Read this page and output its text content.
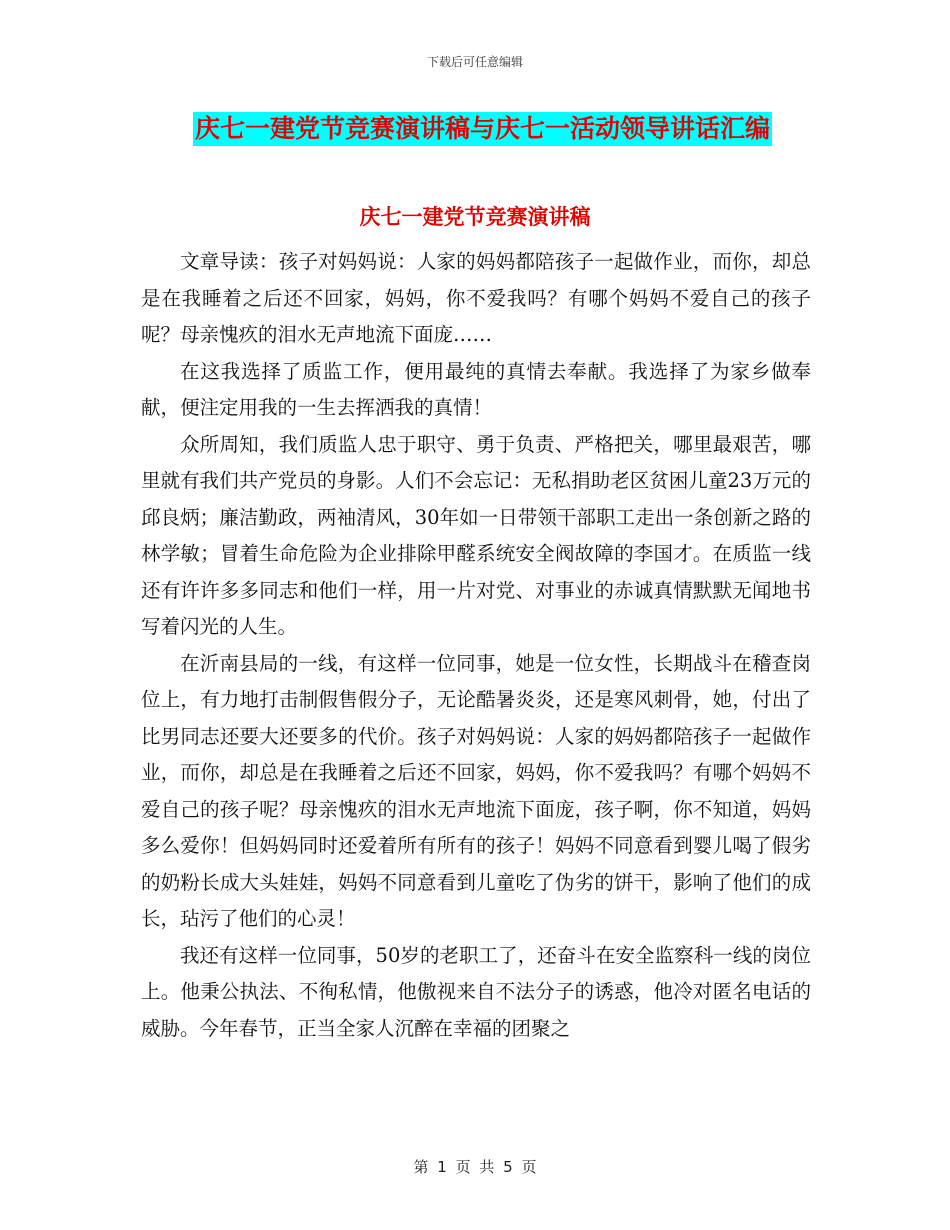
下载后可任意编辑
庆七一建党节竞赛演讲稿与庆七一活动领导讲话汇编
庆七一建党节竞赛演讲稿

文章导读：孩子对妈妈说：人家的妈妈都陪孩子一起做作业，而你，却总是在我睡着之后还不回家，妈妈，你不爱我吗？有哪个妈妈不爱自己的孩子呢？母亲愧疚的泪水无声地流下面庞……

在这我选择了质监工作，便用最纯的真情去奉献。我选择了为家乡做奉献，便注定用我的一生去挥洒我的真情！

众所周知，我们质监人忠于职守、勇于负责、严格把关，哪里最艰苦，哪里就有我们共产党员的身影。人们不会忘记：无私捐助老区贫困儿童23万元的邱良炳；廉洁勤政，两袖清风，30年如一日带领干部职工走出一条创新之路的林学敏；冒着生命危险为企业排除甲醛系统安全阀故障的李国才。在质监一线还有许许多多同志和他们一样，用一片对党、对事业的赤诚真情默默无闻地书写着闪光的人生。

在沂南县局的一线，有这样一位同事，她是一位女性，长期战斗在稽查岗位上，有力地打击制假售假分子，无论酷暑炎炎，还是寒风刺骨，她，付出了比男同志还要大还要多的代价。孩子对妈妈说：人家的妈妈都陪孩子一起做作业，而你，却总是在我睡着之后还不回家，妈妈，你不爱我吗？有哪个妈妈不爱自己的孩子呢？母亲愧疚的泪水无声地流下面庞，孩子啊，你不知道，妈妈多么爱你！但妈妈同时还爱着所有所有的孩子！妈妈不同意看到婴儿喝了假劣的奶粉长成大头娃娃，妈妈不同意看到儿童吃了伪劣的饼干，影响了他们的成长，玷污了他们的心灵！

我还有这样一位同事，50岁的老职工了，还奋斗在安全监察科一线的岗位上。他秉公执法、不徇私情，他傲视来自不法分子的诱惑，他冷对匿名电话的威胁。今年春节，正当全家人沉醉在幸福的团聚之

第 1 页 共 5 页
